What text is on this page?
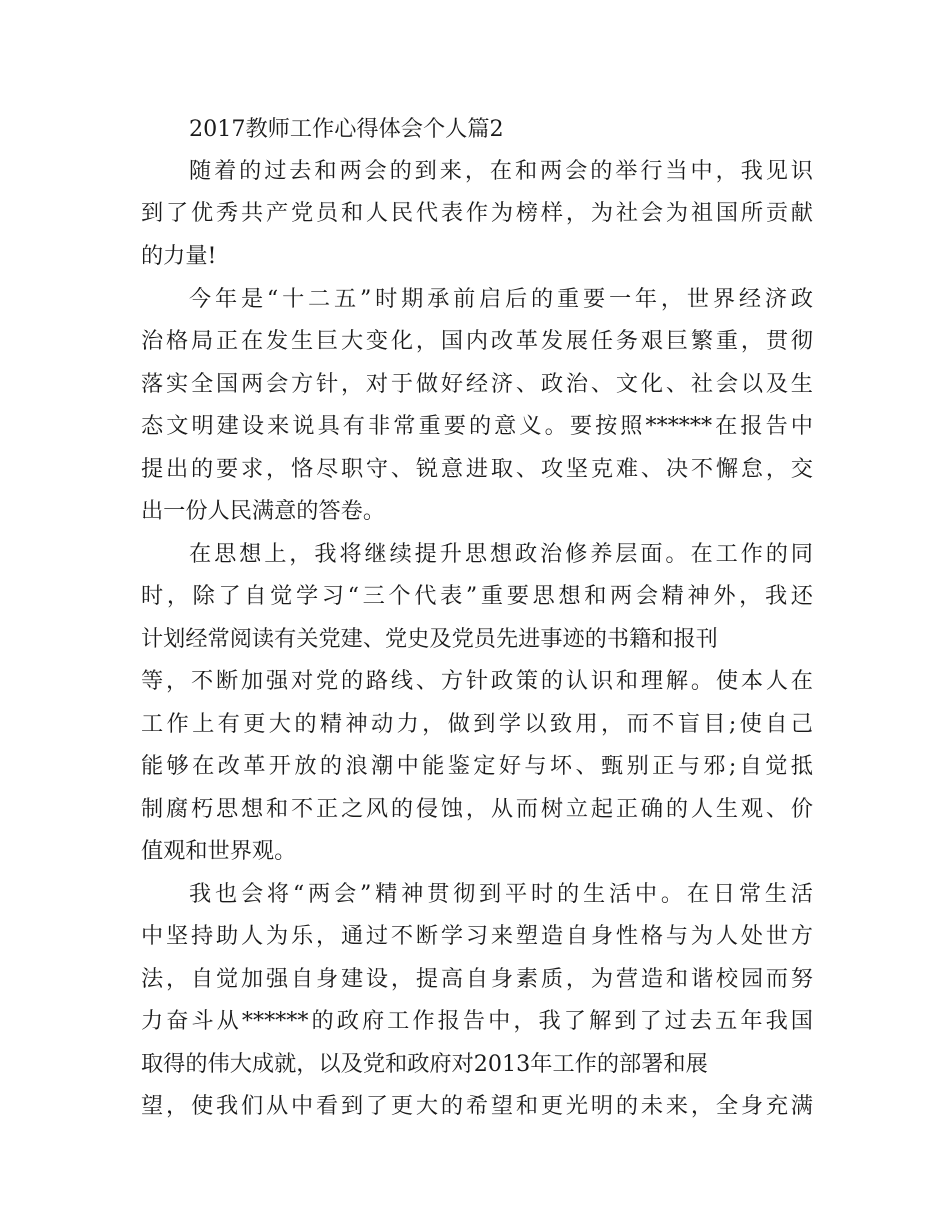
2017教师工作心得体会个人篇2
随着的过去和两会的到来，在和两会的举行当中，我见识
到了优秀共产党员和人民代表作为榜样，为社会为祖国所贡献
的力量!
今年是“十二五”时期承前启后的重要一年，世界经济政
治格局正在发生巨大变化，国内改革发展任务艰巨繁重，贯彻
落实全国两会方针，对于做好经济、政治、文化、社会以及生
态文明建设来说具有非常重要的意义。要按照******在报告中
提出的要求，恪尽职守、锐意进取、攻坚克难、决不懈怠，交
出一份人民满意的答卷。
在思想上，我将继续提升思想政治修养层面。在工作的同
时，除了自觉学习“三个代表”重要思想和两会精神外，我还
计划经常阅读有关党建、党史及党员先进事迹的书籍和报刊
等，不断加强对党的路线、方针政策的认识和理解。使本人在
工作上有更大的精神动力，做到学以致用，而不盲目;使自己
能够在改革开放的浪潮中能鉴定好与坏、甄别正与邪;自觉抵
制腐朽思想和不正之风的侵蚀，从而树立起正确的人生观、价
值观和世界观。
我也会将“两会”精神贯彻到平时的生活中。在日常生活
中坚持助人为乐，通过不断学习来塑造自身性格与为人处世方
法，自觉加强自身建设，提高自身素质，为营造和谐校园而努
力奋斗从******的政府工作报告中，我了解到了过去五年我国
取得的伟大成就，以及党和政府对2013年工作的部署和展
望，使我们从中看到了更大的希望和更光明的未来，全身充满
